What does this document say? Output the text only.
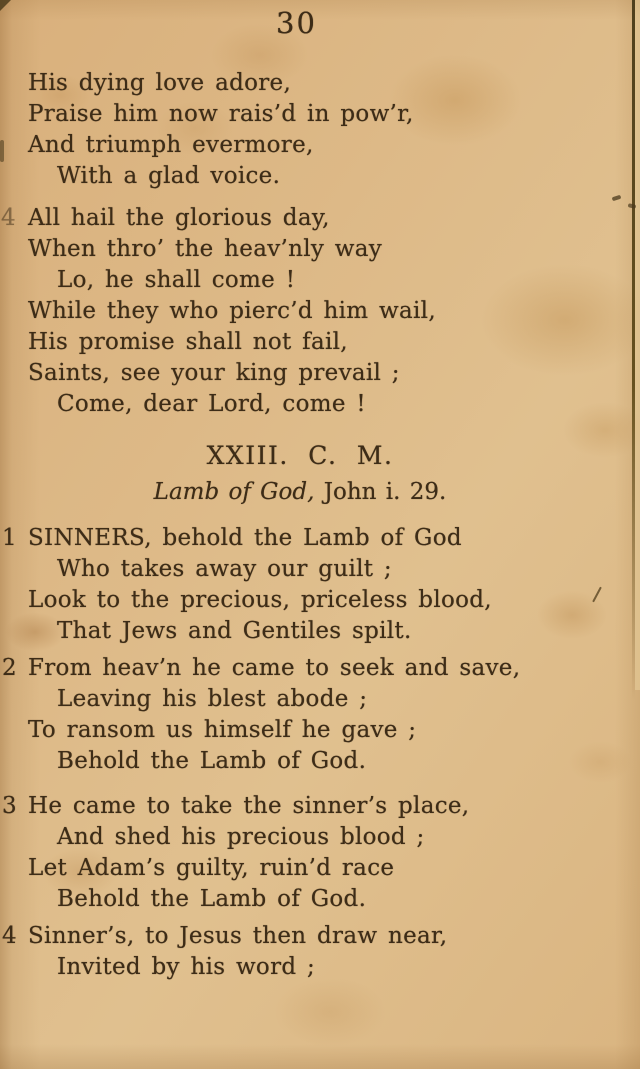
30

His dying love adore,

Praise him now rais’d in pow’r,

And triumph evermore,

With a glad voice.

4 All hail the glorious day,

When thro’ the heav’nly way

Lo, he shall come !

While they who pierc’d him wail,

His promise shall not fail,

Saints, see your king prevail ;

Come, dear Lord, come !

XXIII. C. M.

Lamb of God, John i. 29.

1 SINNERS, behold the Lamb of God

Who takes away our guilt ;

Look to the precious, priceless blood,

That Jews and Gentiles spilt.

2 From heav’n he came to seek and save,

Leaving his blest abode ;

To ransom us himself he gave ;

Behold the Lamb of God.

3 He came to take the sinner’s place,

And shed his precious blood ;

Let Adam’s guilty, ruin’d race

Behold the Lamb of God.

4 Sinner’s, to Jesus then draw near,

Invited by his word ;
